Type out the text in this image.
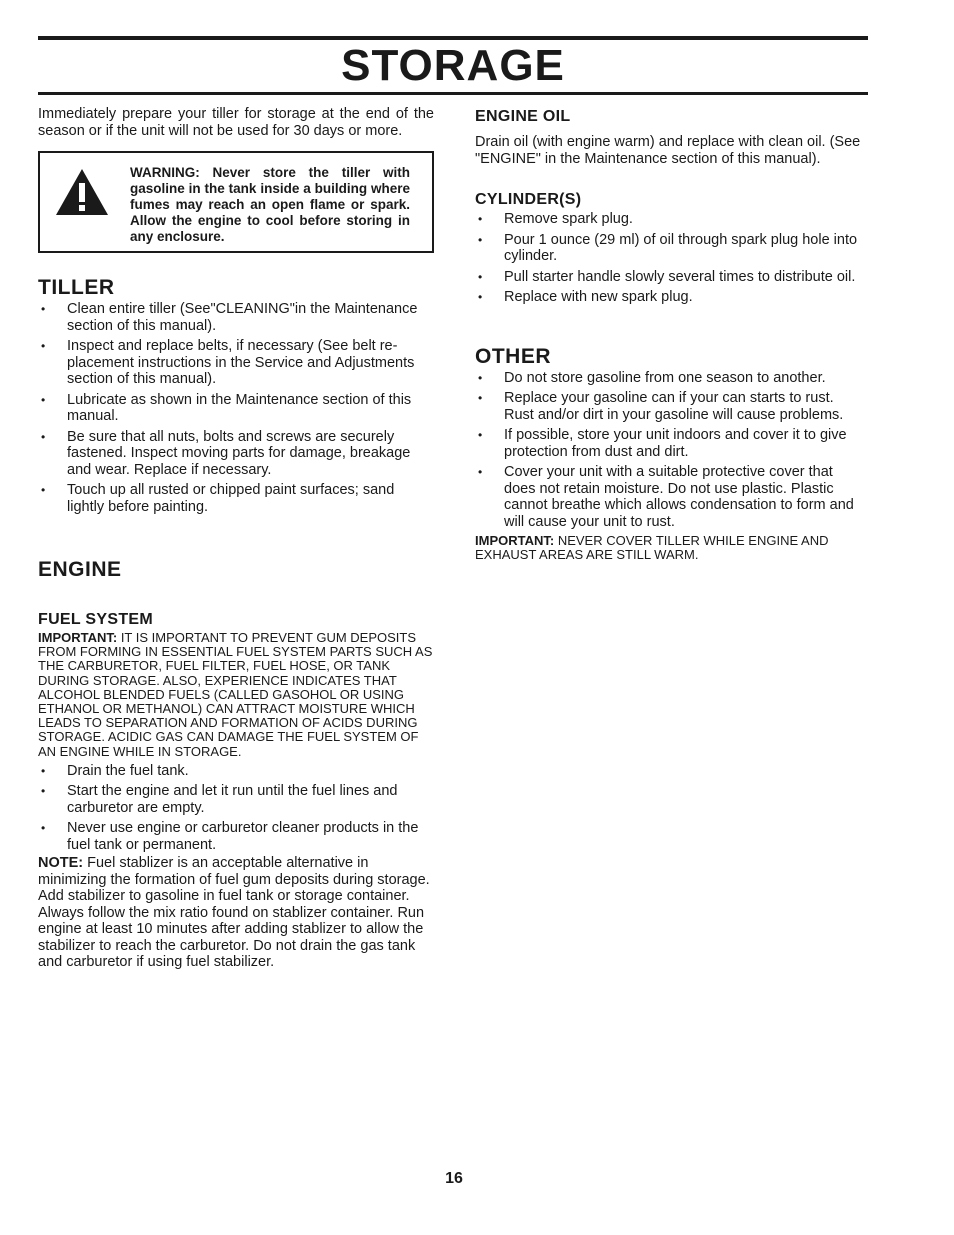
STORAGE

Immediately prepare your tiller for storage at the end of the season or if the unit will not be used for 30 days or more.

WARNING: Never store the tiller with gasoline in the tank inside a building where fumes may reach an open flame or spark. Allow the engine to cool before storing in any enclosure.
TILLER
• Clean entire tiller (See"CLEANING"in the Maintenance section of this manual).
• Inspect and replace belts, if necessary (See belt re-placement instructions in the Service and Adjustments section of this manual).
• Lubricate as shown in the Maintenance section of this manual.
• Be sure that all nuts, bolts and screws are securely fastened. Inspect moving parts for damage, breakage and wear. Replace if necessary.
• Touch up all rusted or chipped paint surfaces; sand lightly before painting.
ENGINE
FUEL SYSTEM

IMPORTANT: IT IS IMPORTANT TO PREVENT GUM DEPOSITS FROM FORMING IN ESSENTIAL FUEL SYSTEM PARTS SUCH AS THE CARBURETOR, FUEL FILTER, FUEL HOSE, OR TANK DURING STORAGE. ALSO, EXPERIENCE INDICATES THAT ALCOHOL BLENDED FUELS (CALLED GASOHOL OR USING ETHANOL OR METHANOL) CAN ATTRACT MOISTURE WHICH LEADS TO SEPARATION AND FORMATION OF ACIDS DURING STORAGE. ACIDIC GAS CAN DAMAGE THE FUEL SYSTEM OF AN ENGINE WHILE IN STORAGE.

• Drain the fuel tank.
• Start the engine and let it run until the fuel lines and carburetor are empty.
• Never use engine or carburetor cleaner products in the fuel tank or permanent.

NOTE: Fuel stablizer is an acceptable alternative in minimizing the formation of fuel gum deposits during storage. Add stabilizer to gasoline in fuel tank or storage container. Always follow the mix ratio found on stablizer container. Run engine at least 10 minutes after adding stablizer to allow the stabilizer to reach the carburetor. Do not drain the gas tank and carburetor if using fuel stabilizer.

ENGINE OIL

Drain oil (with engine warm) and replace with clean oil. (See "ENGINE" in the Maintenance section of this manual).

CYLINDER(S)
• Remove spark plug.
• Pour 1 ounce (29 ml) of oil through spark plug hole into cylinder.
• Pull starter handle slowly several times to distribute oil.
• Replace with new spark plug.
OTHER
• Do not store gasoline from one season to another.
• Replace your gasoline can if your can starts to rust. Rust and/or dirt in your gasoline will cause problems.
• If possible, store your unit indoors and cover it to give protection from dust and dirt.
• Cover your unit with a suitable protective cover that does not retain moisture. Do not use plastic. Plastic cannot breathe which allows condensation to form and will cause your unit to rust.

IMPORTANT: NEVER COVER TILLER WHILE ENGINE AND EXHAUST AREAS ARE STILL WARM.

16
